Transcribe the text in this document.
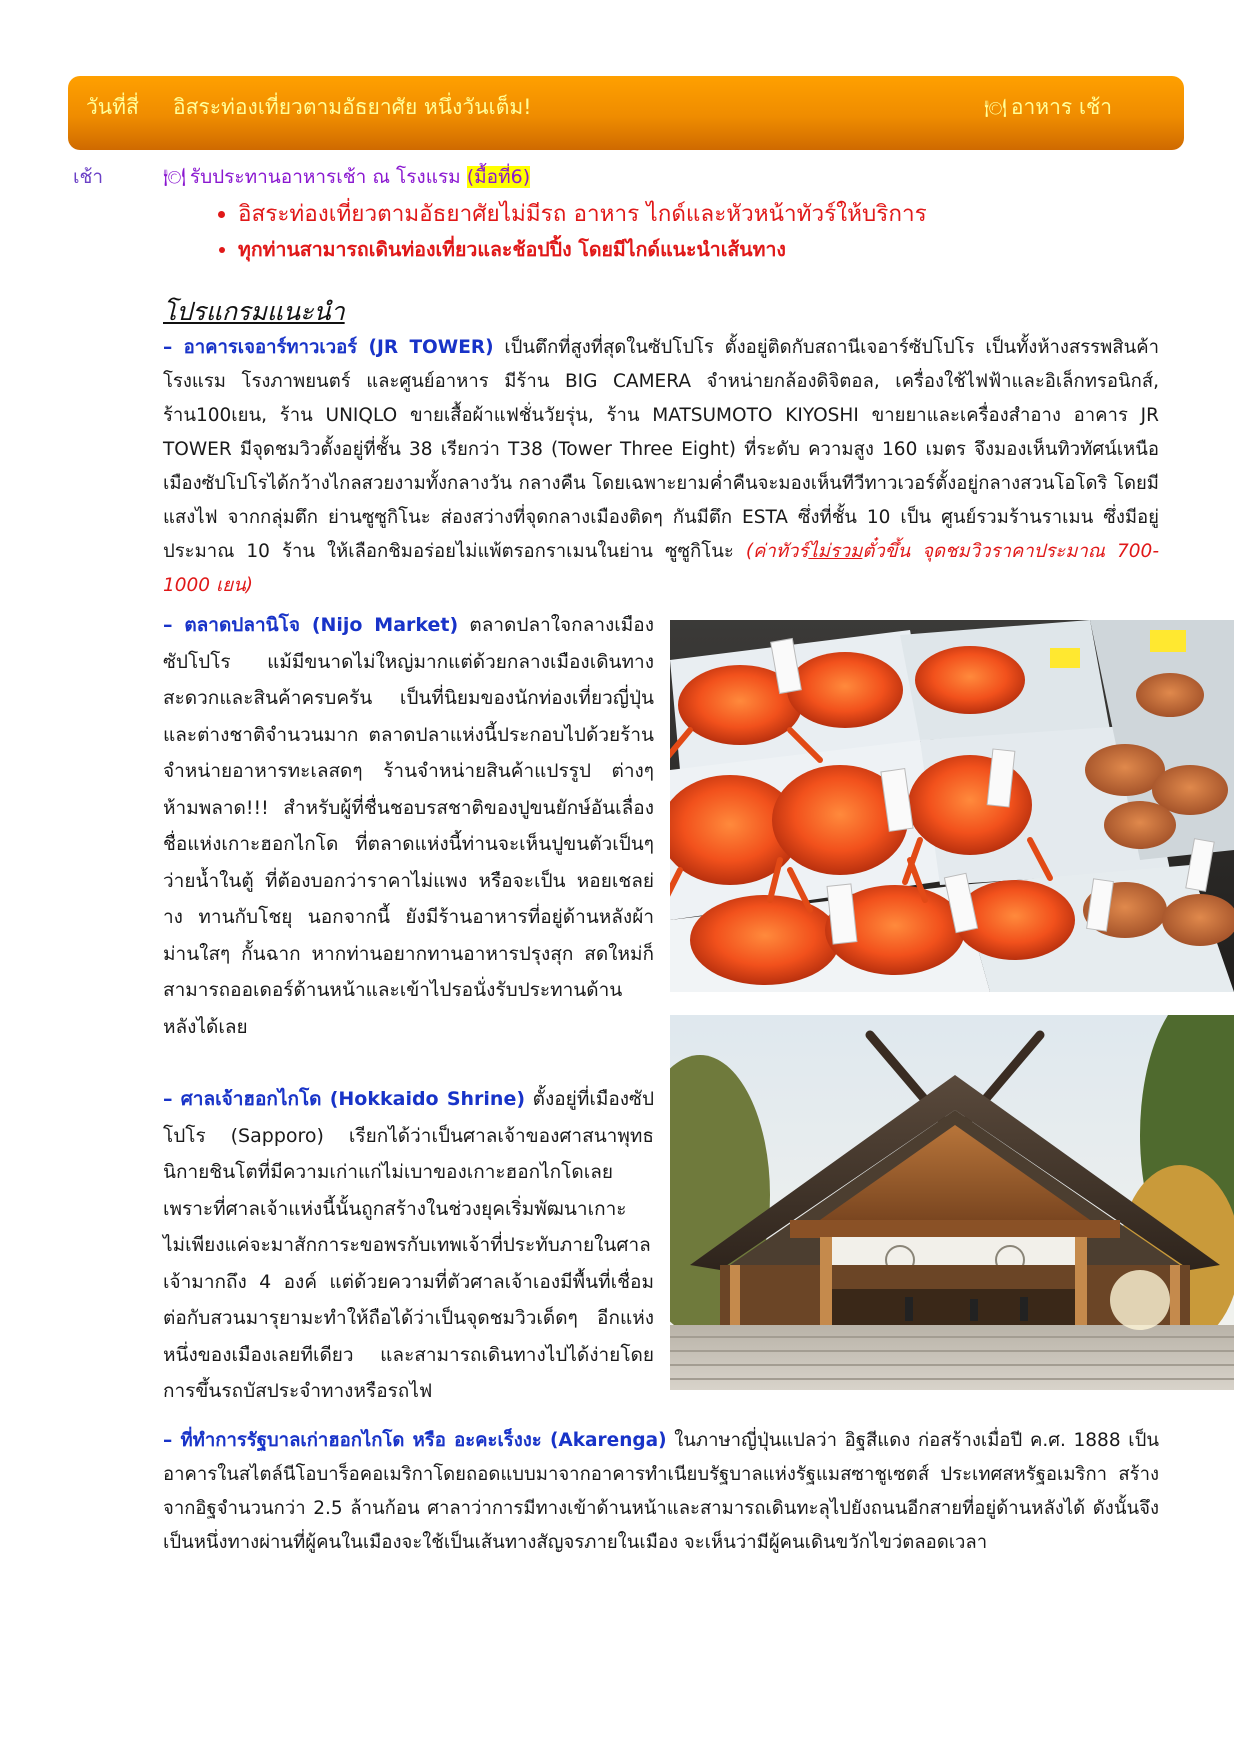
วันที่สี่ อิสระท่องเที่ยวตามอัธยาศัย หนึ่งวันเต็ม!	🍽 อาหาร เช้า
เช้า	🍽 รับประทานอาหารเช้า ณ โรงแรม (มื้อที่6)
• อิสระท่องเที่ยวตามอัธยาศัยไม่มีรถ อาหาร ไกด์และหัวหน้าทัวร์ให้บริการ
• ทุกท่านสามารถเดินท่องเที่ยวและช้อปปิ้ง โดยมีไกด์แนะนำเส้นทาง
โปรแกรมแนะนำ

– อาคารเจอาร์ทาวเวอร์ (JR TOWER) เป็นตึกที่สูงที่สุดในซัปโปโร ตั้งอยู่ติดกับสถานีเจอาร์ซัปโปโร เป็นทั้งห้างสรรพสินค้า โรงแรม โรงภาพยนตร์ และศูนย์อาหาร มีร้าน BIG CAMERA จำหน่ายกล้องดิจิตอล, เครื่องใช้ไฟฟ้าและอิเล็กทรอนิกส์, ร้าน100เยน, ร้าน UNIQLO ขายเสื้อผ้าแฟชั่นวัยรุ่น, ร้าน MATSUMOTO KIYOSHI ขายยาและเครื่องสำอาง อาคาร JR TOWER มีจุดชมวิวตั้งอยู่ที่ชั้น 38 เรียกว่า T38 (Tower Three Eight) ที่ระดับ ความสูง 160 เมตร จึงมองเห็นทิวทัศน์เหนือเมืองซัปโปโรได้กว้างไกลสวยงามทั้งกลางวัน กลางคืน โดยเฉพาะยามค่ำคืนจะมองเห็นทีวีทาวเวอร์ตั้งอยู่กลางสวนโอโดริ โดยมีแสงไฟ จากกลุ่มตึก ย่านซูซูกิโนะ ส่องสว่างที่จุดกลางเมืองติดๆ กันมีตึก ESTA ซึ่งที่ชั้น 10 เป็น ศูนย์รวมร้านราเมน ซึ่งมีอยู่ประมาณ 10 ร้าน ให้เลือกชิมอร่อยไม่แพ้ตรอกราเมนในย่าน ซูซูกิโนะ (ค่าทัวร์ไม่รวมตั๋วขึ้น จุดชมวิวราคาประมาณ 700-1000 เยน)

– ตลาดปลานิโจ (Nijo Market) ตลาดปลาใจกลางเมืองซัปโปโร แม้มีขนาดไม่ใหญ่มากแต่ด้วยกลางเมืองเดินทางสะดวกและสินค้าครบครัน เป็นที่นิยมของนักท่องเที่ยวญี่ปุ่นและต่างชาติจำนวนมาก ตลาดปลาแห่งนี้ประกอบไปด้วยร้านจำหน่ายอาหารทะเลสดๆ ร้านจำหน่ายสินค้าแปรรูป ต่างๆ ห้ามพลาด!!! สำหรับผู้ที่ชื่นชอบรสชาติของปูขนยักษ์อันเลื่องชื่อแห่งเกาะฮอกไกโด ที่ตลาดแห่งนี้ท่านจะเห็นปูขนตัวเป็นๆ ว่ายน้ำในตู้ ที่ต้องบอกว่าราคาไม่แพง หรือจะเป็น หอยเชลย่าง ทานกับโชยุ นอกจากนี้ ยังมีร้านอาหารที่อยู่ด้านหลังผ้าม่านใสๆ กั้นฉาก หากท่านอยากทานอาหารปรุงสุก สดใหม่ก็สามารถออเดอร์ด้านหน้าและเข้าไปรอนั่งรับประทานด้านหลังได้เลย

– ศาลเจ้าฮอกไกโด (Hokkaido Shrine) ตั้งอยู่ที่เมืองซัปโปโร (Sapporo) เรียกได้ว่าเป็นศาลเจ้าของศาสนาพุทธนิกายชินโตที่มีความเก่าแก่ไม่เบาของเกาะฮอกไกโดเลย เพราะที่ศาลเจ้าแห่งนี้นั้นถูกสร้างในช่วงยุคเริ่มพัฒนาเกาะ ไม่เพียงแค่จะมาสักการะขอพรกับเทพเจ้าที่ประทับภายในศาลเจ้ามากถึง 4 องค์ แต่ด้วยความที่ตัวศาลเจ้าเองมีพื้นที่เชื่อมต่อกับสวนมารุยามะทำให้ถือได้ว่าเป็นจุดชมวิวเด็ดๆ อีกแห่งหนึ่งของเมืองเลยทีเดียว และสามารถเดินทางไปได้ง่ายโดยการขึ้นรถบัสประจำทางหรือรถไฟ

– ที่ทำการรัฐบาลเก่าฮอกไกโด หรือ อะคะเร็งงะ (Akarenga) ในภาษาญี่ปุ่นแปลว่า อิฐสีแดง ก่อสร้างเมื่อปี ค.ศ. 1888 เป็นอาคารในสไตล์นีโอบาร็อคอเมริกาโดยถอดแบบมาจากอาคารทำเนียบรัฐบาลแห่งรัฐแมสซาชูเซตส์ ประเทศสหรัฐอเมริกา สร้างจากอิฐจำนวนกว่า 2.5 ล้านก้อน ศาลาว่าการมีทางเข้าด้านหน้าและสามารถเดินทะลุไปยังถนนอีกสายที่อยู่ด้านหลังได้ ดังนั้นจึงเป็นหนึ่งทางผ่านที่ผู้คนในเมืองจะใช้เป็นเส้นทางสัญจรภายในเมือง จะเห็นว่ามีผู้คนเดินขวักไขว่ตลอดเวลา
